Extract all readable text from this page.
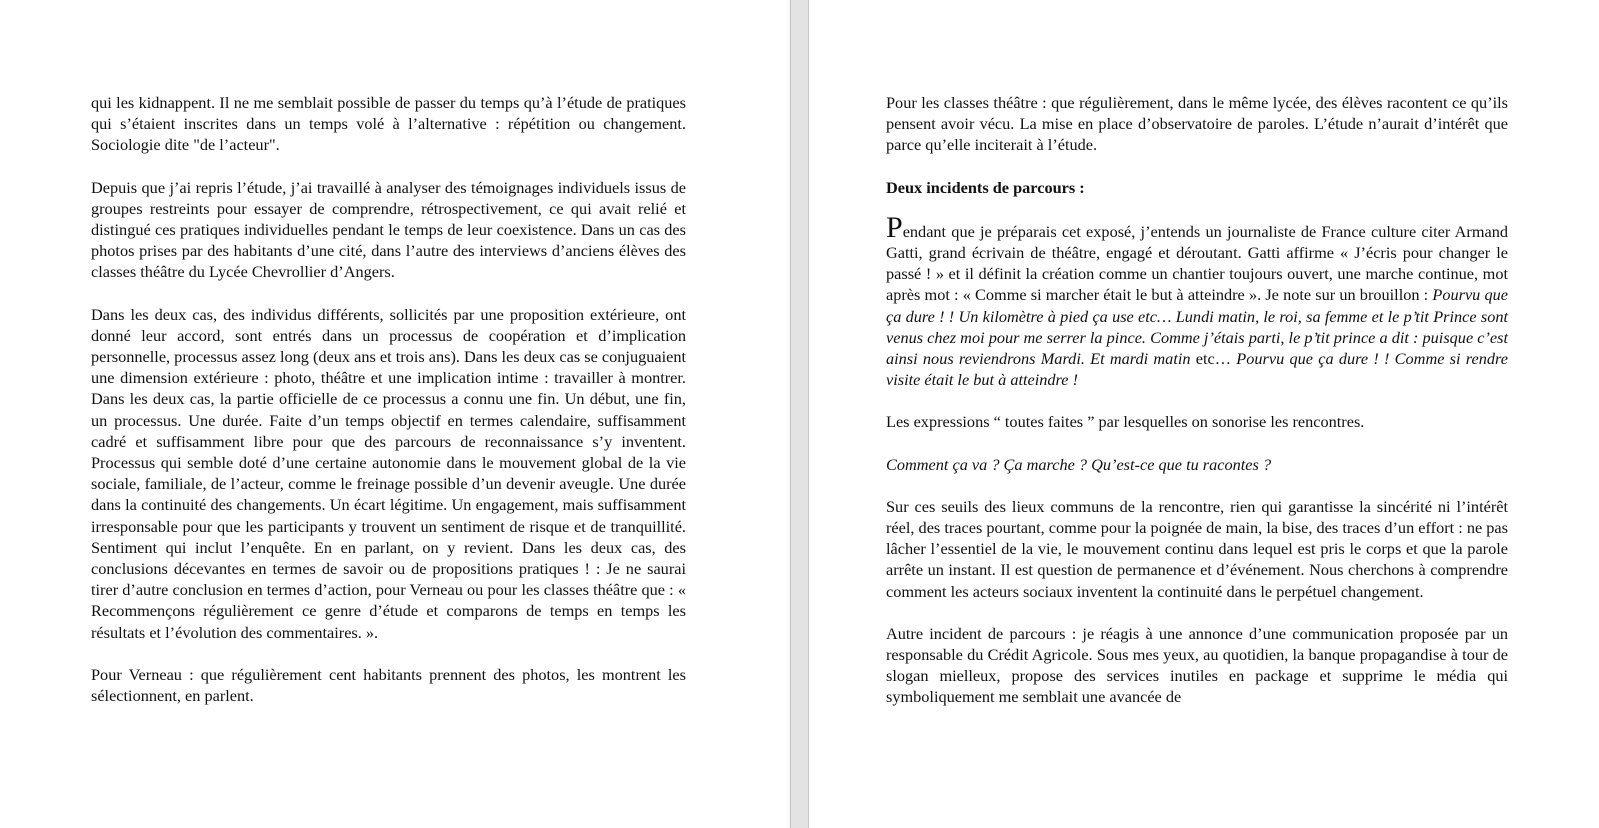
qui les kidnappent. Il ne me semblait possible de passer du temps qu’à l’étude de pratiques qui s’étaient inscrites dans un temps volé à l’alternative : répétition ou changement. Sociologie dite "de l’acteur".

Depuis que j’ai repris l’étude, j’ai travaillé à analyser des témoignages individuels issus de groupes restreints pour essayer de comprendre, rétrospectivement, ce qui avait relié et distingué ces pratiques individuelles pendant le temps de leur coexistence. Dans un cas des photos prises par des habitants d’une cité, dans l’autre des interviews d’anciens élèves des classes théâtre du Lycée Chevrollier d’Angers.

Dans les deux cas, des individus différents, sollicités par une proposition extérieure, ont donné leur accord, sont entrés dans un processus de coopération et d’implication personnelle, processus assez long (deux ans et trois ans). Dans les deux cas se conjuguaient une dimension extérieure : photo, théâtre et une implication intime : travailler à montrer. Dans les deux cas, la partie officielle de ce processus a connu une fin. Un début, une fin, un processus. Une durée. Faite d’un temps objectif en termes calendaire, suffisamment cadré et suffisamment libre pour que des parcours de reconnaissance s’y inventent. Processus qui semble doté d’une certaine autonomie dans le mouvement global de la vie sociale, familiale, de l’acteur, comme le freinage possible d’un devenir aveugle. Une durée dans la continuité des changements. Un écart légitime. Un engagement, mais suffisamment irresponsable pour que les participants y trouvent un sentiment de risque et de tranquillité. Sentiment qui inclut l’enquête. En en parlant, on y revient. Dans les deux cas, des conclusions décevantes en termes de savoir ou de propositions pratiques ! : Je ne saurai tirer d’autre conclusion en termes d’action, pour Verneau ou pour les classes théâtre que : « Recommençons régulièrement ce genre d’étude et comparons de temps en temps les résultats et l’évolution des commentaires. ».

Pour Verneau : que régulièrement cent habitants prennent des photos, les montrent les sélectionnent, en parlent.

Pour les classes théâtre : que régulièrement, dans le même lycée, des élèves racontent ce qu’ils pensent avoir vécu. La mise en place d’observatoire de paroles. L’étude n’aurait d’intérêt que parce qu’elle inciterait à l’étude.

Deux incidents de parcours :

Pendant que je préparais cet exposé, j’entends un journaliste de France culture citer Armand Gatti, grand écrivain de théâtre, engagé et déroutant. Gatti affirme « J’écris pour changer le passé ! » et il définit la création comme un chantier toujours ouvert, une marche continue, mot après mot : « Comme si marcher était le but à atteindre ». Je note sur un brouillon : Pourvu que ça dure ! ! Un kilomètre à pied ça use etc… Lundi matin, le roi, sa femme et le p’tit Prince sont venus chez moi pour me serrer la pince. Comme j’étais parti, le p’tit prince a dit : puisque c’est ainsi nous reviendrons Mardi. Et mardi matin etc… Pourvu que ça dure ! ! Comme si rendre visite était le but à atteindre !

Les expressions “ toutes faites ” par lesquelles on sonorise les rencontres.

Comment ça va ? Ça marche ? Qu’est-ce que tu racontes ?

Sur ces seuils des lieux communs de la rencontre, rien qui garantisse la sincérité ni l’intérêt réel, des traces pourtant, comme pour la poignée de main, la bise, des traces d’un effort : ne pas lâcher l’essentiel de la vie, le mouvement continu dans lequel est pris le corps et que la parole arrête un instant. Il est question de permanence et d’événement. Nous cherchons à comprendre comment les acteurs sociaux inventent la continuité dans le perpétuel changement.

Autre incident de parcours : je réagis à une annonce d’une communication proposée par un responsable du Crédit Agricole. Sous mes yeux, au quotidien, la banque propagandise à tour de slogan mielleux, propose des services inutiles en package et supprime le média qui symboliquement me semblait une avancée de
